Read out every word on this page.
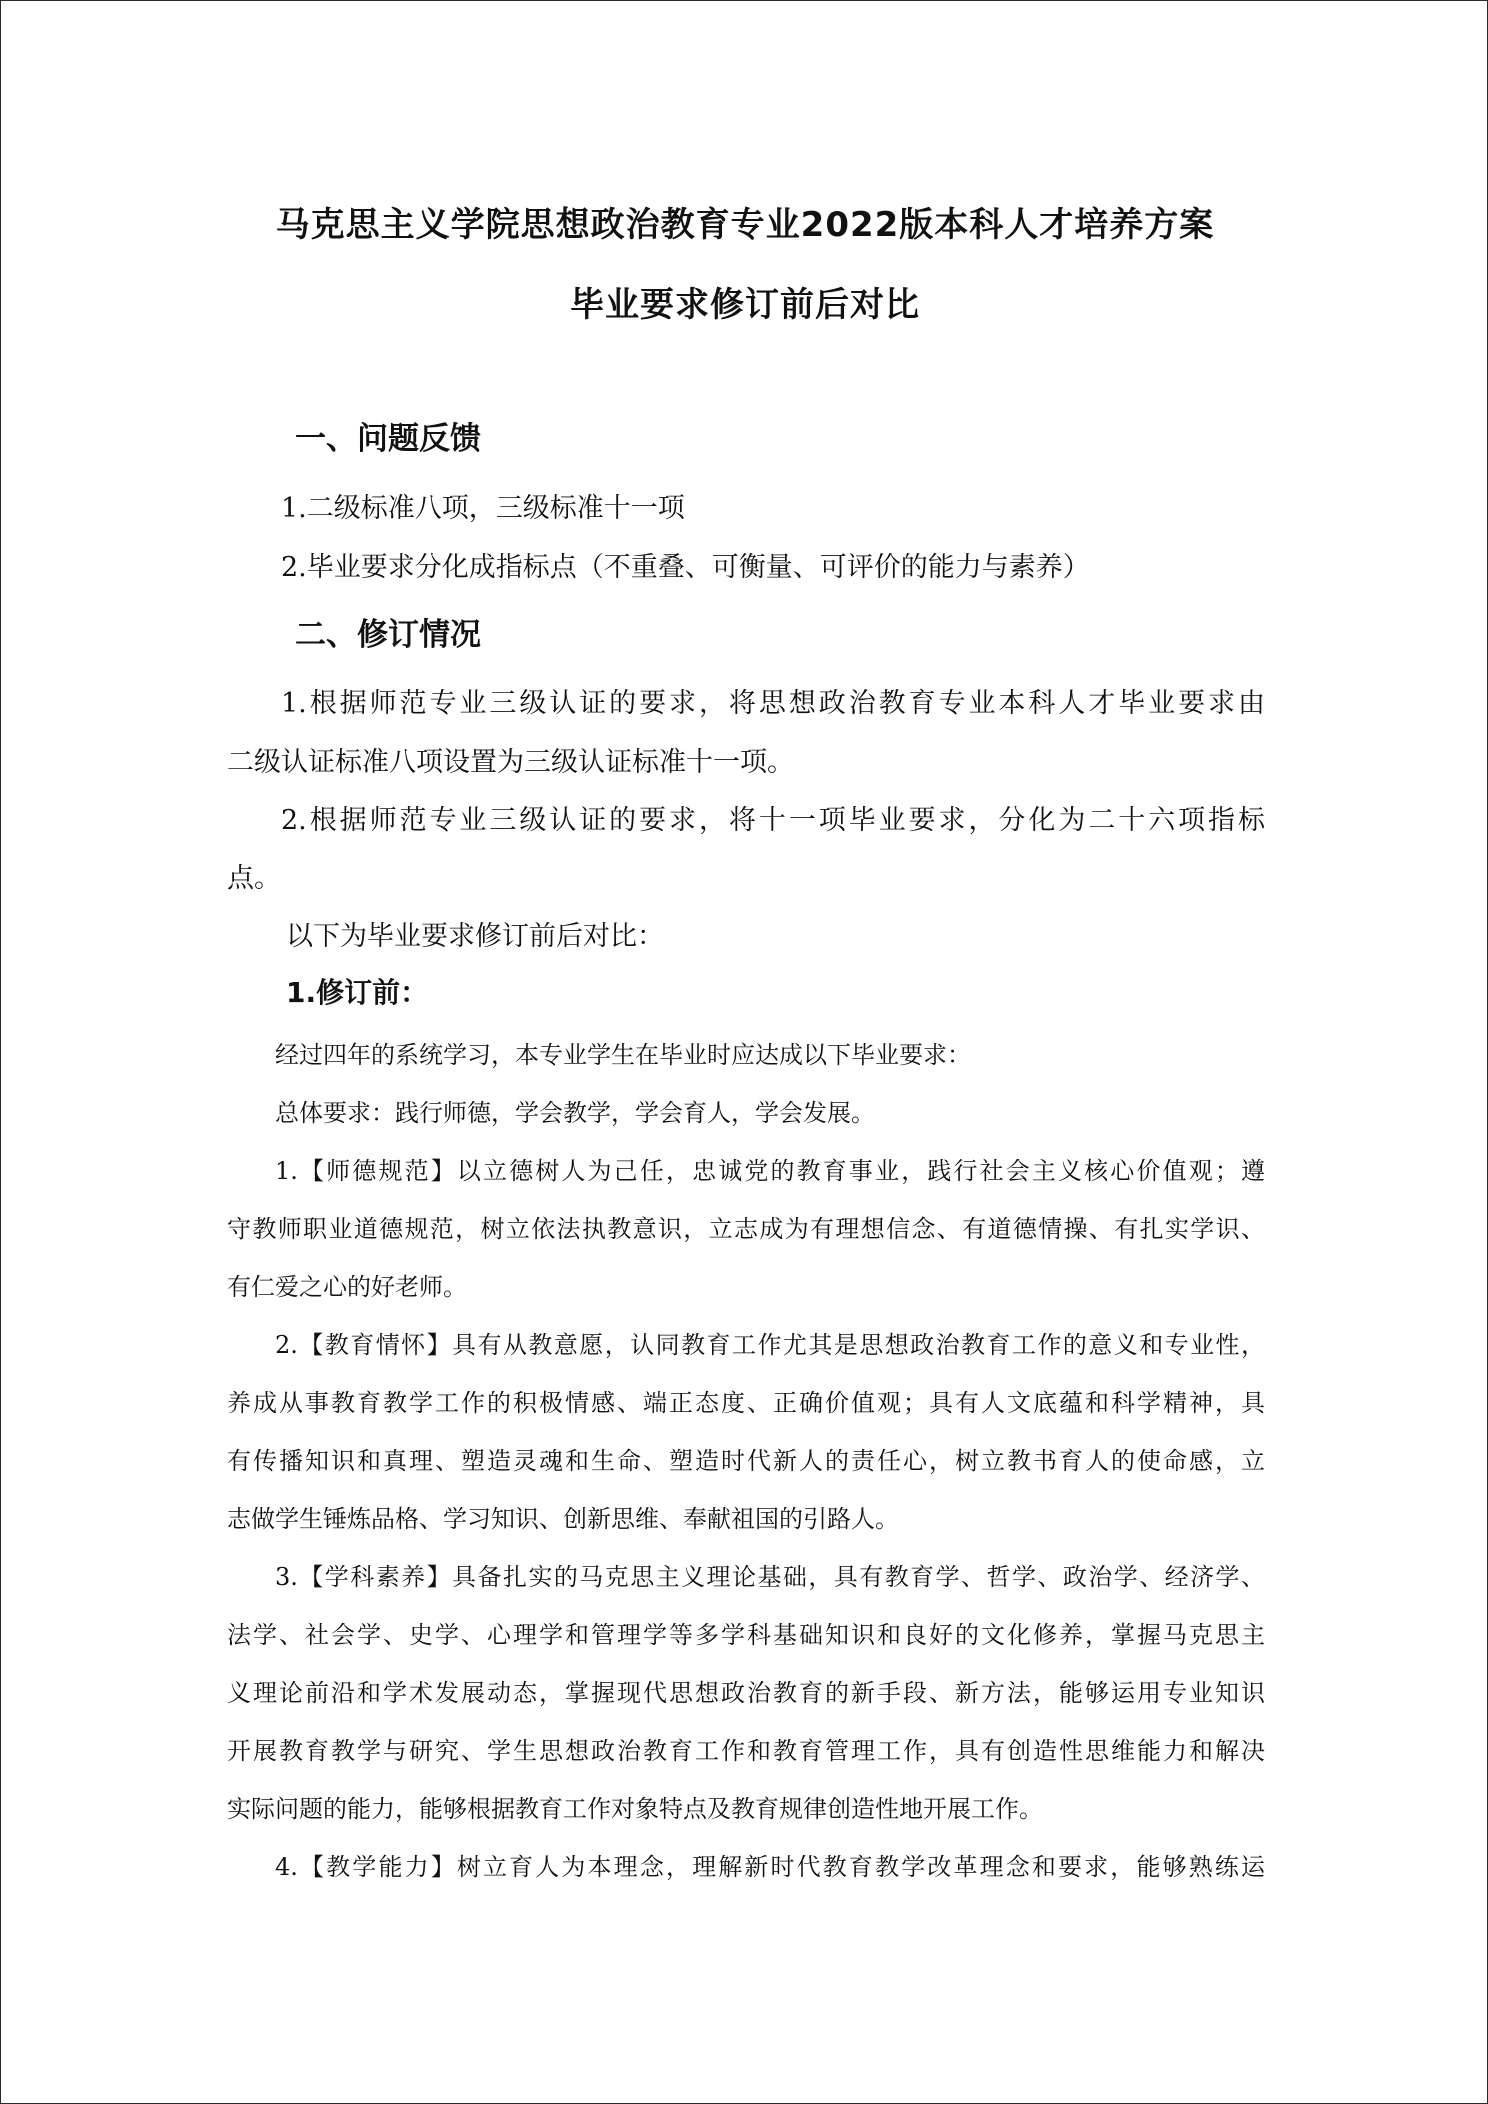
马克思主义学院思想政治教育专业2022版本科人才培养方案
毕业要求修订前后对比
一、问题反馈
1.二级标准八项，三级标准十一项
2.毕业要求分化成指标点（不重叠、可衡量、可评价的能力与素养）
二、修订情况
1.根据师范专业三级认证的要求，将思想政治教育专业本科人才毕业要求由
二级认证标准八项设置为三级认证标准十一项。
2.根据师范专业三级认证的要求，将十一项毕业要求，分化为二十六项指标
点。
以下为毕业要求修订前后对比：
1.修订前：
经过四年的系统学习，本专业学生在毕业时应达成以下毕业要求：
总体要求：践行师德，学会教学，学会育人，学会发展。
1.【师德规范】以立德树人为己任，忠诚党的教育事业，践行社会主义核心价值观；遵
守教师职业道德规范，树立依法执教意识，立志成为有理想信念、有道德情操、有扎实学识、
有仁爱之心的好老师。
2.【教育情怀】具有从教意愿，认同教育工作尤其是思想政治教育工作的意义和专业性，
养成从事教育教学工作的积极情感、端正态度、正确价值观；具有人文底蕴和科学精神，具
有传播知识和真理、塑造灵魂和生命、塑造时代新人的责任心，树立教书育人的使命感，立
志做学生锤炼品格、学习知识、创新思维、奉献祖国的引路人。
3.【学科素养】具备扎实的马克思主义理论基础，具有教育学、哲学、政治学、经济学、
法学、社会学、史学、心理学和管理学等多学科基础知识和良好的文化修养，掌握马克思主
义理论前沿和学术发展动态，掌握现代思想政治教育的新手段、新方法，能够运用专业知识
开展教育教学与研究、学生思想政治教育工作和教育管理工作，具有创造性思维能力和解决
实际问题的能力，能够根据教育工作对象特点及教育规律创造性地开展工作。
4.【教学能力】树立育人为本理念，理解新时代教育教学改革理念和要求，能够熟练运
